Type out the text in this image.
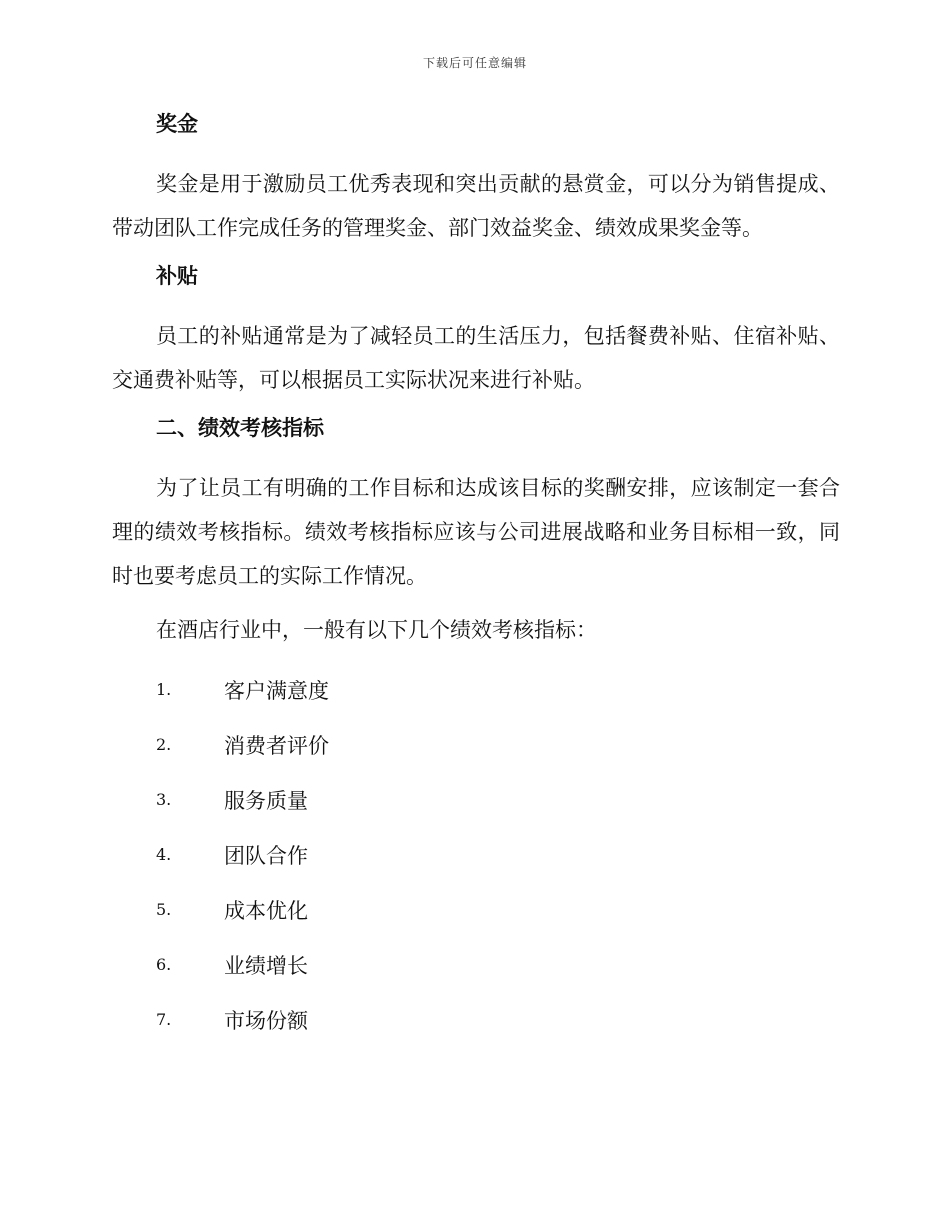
下载后可任意编辑
奖金

奖金是用于激励员工优秀表现和突出贡献的悬赏金，可以分为销售提成、带动团队工作完成任务的管理奖金、部门效益奖金、绩效成果奖金等。

补贴

员工的补贴通常是为了减轻员工的生活压力，包括餐费补贴、住宿补贴、交通费补贴等，可以根据员工实际状况来进行补贴。

二、绩效考核指标

为了让员工有明确的工作目标和达成该目标的奖酬安排，应该制定一套合理的绩效考核指标。绩效考核指标应该与公司进展战略和业务目标相一致，同时也要考虑员工的实际工作情况。

在酒店行业中，一般有以下几个绩效考核指标：

1.	客户满意度
2.	消费者评价
3.	服务质量
4.	团队合作
5.	成本优化
6.	业绩增长
7.	市场份额
